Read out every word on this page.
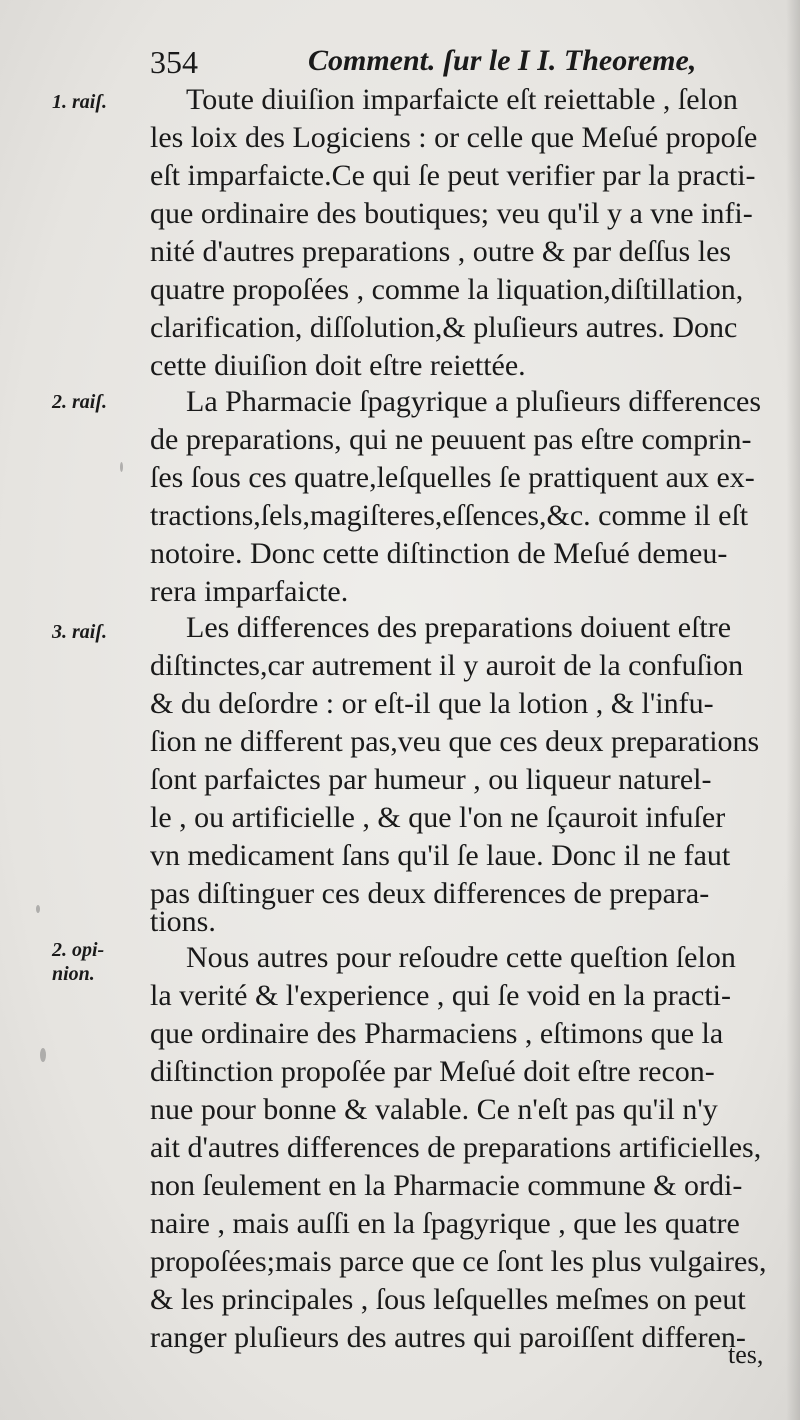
354	Comment. ſur le I I. Theoreme,
1. raiſ.
2. raiſ.
3. raiſ.
2. opi-
nion.
Toute diuiſion imparfaicte eſt reiettable , ſelon
les loix des Logiciens : or celle que Meſué propoſe
eſt imparfaicte.Ce qui ſe peut verifier par la practi-
que ordinaire des boutiques; veu qu'il y a vne infi-
nité d'autres preparations , outre & par deſſus les
quatre propoſées , comme la liquation,diſtillation,
clarification, diſſolution,& pluſieurs autres. Donc
cette diuiſion doit eſtre reiettée.
La Pharmacie ſpagyrique a pluſieurs differences
de preparations, qui ne peuuent pas eſtre comprin-
ſes ſous ces quatre,leſquelles ſe prattiquent aux ex-
tractions,ſels,magiſteres,eſſences,&c. comme il eſt
notoire. Donc cette diſtinction de Meſué demeu-
rera imparfaicte.
Les differences des preparations doiuent eſtre
diſtinctes,car autrement il y auroit de la confuſion
& du deſordre : or eſt-il que la lotion , & l'infu-
ſion ne different pas,veu que ces deux preparations
ſont parfaictes par humeur , ou liqueur naturel-
le , ou artificielle , & que l'on ne ſçauroit infuſer
vn medicament ſans qu'il ſe laue. Donc il ne faut
pas diſtinguer ces deux differences de prepara-
tions.
Nous autres pour reſoudre cette queſtion ſelon
la verité & l'experience , qui ſe void en la practi-
que ordinaire des Pharmaciens , eſtimons que la
diſtinction propoſée par Meſué doit eſtre recon-
nue pour bonne & valable. Ce n'eſt pas qu'il n'y
ait d'autres differences de preparations artificielles,
non ſeulement en la Pharmacie commune & ordi-
naire , mais auſſi en la ſpagyrique , que les quatre
propoſées;mais parce que ce ſont les plus vulgaires,
& les principales , ſous leſquelles meſmes on peut
ranger pluſieurs des autres qui paroiſſent differen-
tes,
